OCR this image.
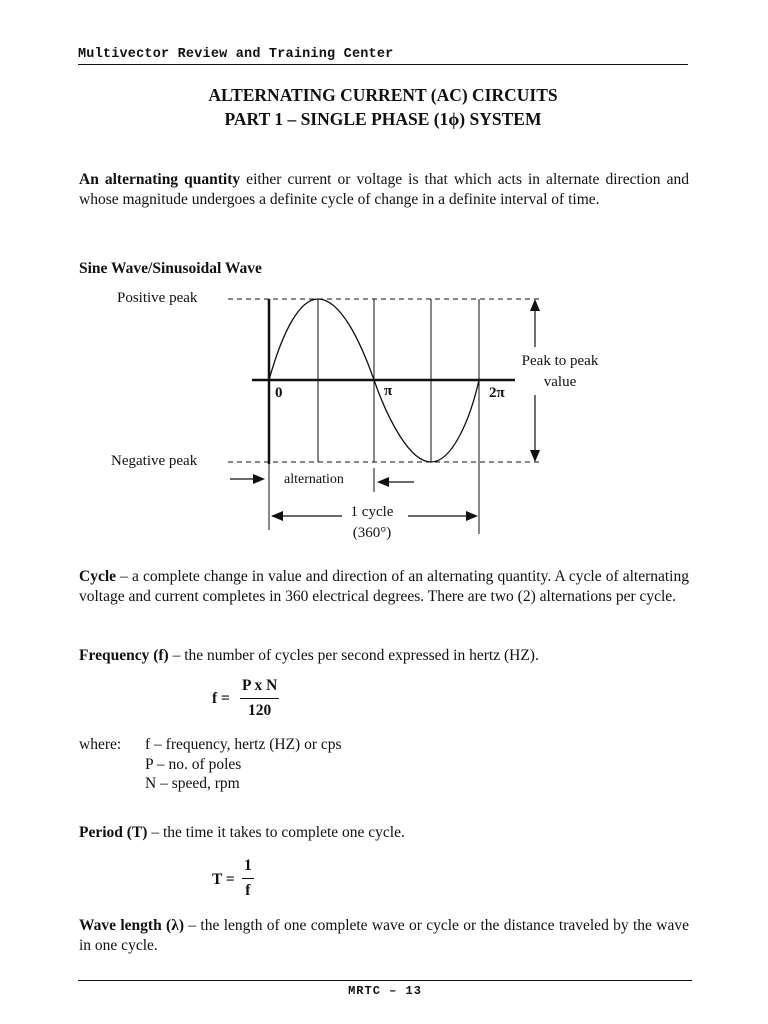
Multivector Review and Training Center
ALTERNATING CURRENT (AC) CIRCUITS
PART 1 – SINGLE PHASE (1ϕ) SYSTEM
An alternating quantity either current or voltage is that which acts in alternate direction and whose magnitude undergoes a definite cycle of change in a definite interval of time.
Sine Wave/Sinusoidal Wave
Positive peak
Negative peak
0	π	2π
Peak to peak
value
alternation
1 cycle
(360°)
Cycle – a complete change in value and direction of an alternating quantity. A cycle of alternating voltage and current completes in 360 electrical degrees. There are two (2) alternations per cycle.
Frequency (f) – the number of cycles per second expressed in hertz (HZ).
$f = \frac{\text{P x N}}{120}$
where:	f – frequency, hertz (HZ) or cps
P – no. of poles
N – speed, rpm
Period (T) – the time it takes to complete one cycle.
$T = \frac{1}{f}$
Wave length (λ) – the length of one complete wave or cycle or the distance traveled by the wave in one cycle.
MRTC – 13
